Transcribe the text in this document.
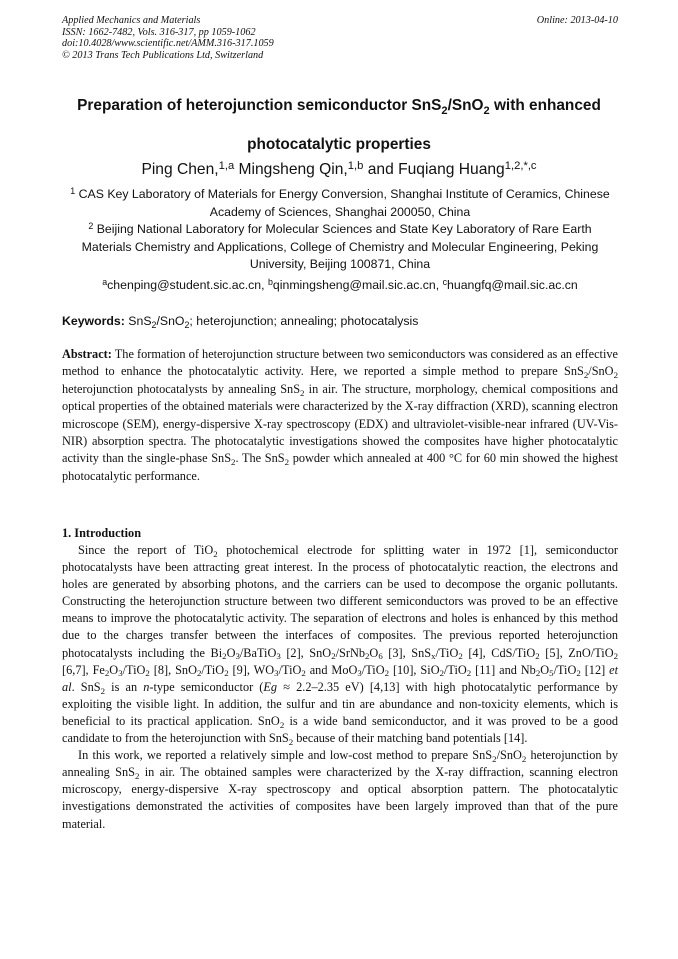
Applied Mechanics and Materials
ISSN: 1662-7482, Vols. 316-317, pp 1059-1062
doi:10.4028/www.scientific.net/AMM.316-317.1059
© 2013 Trans Tech Publications Ltd, Switzerland
Online: 2013-04-10
Preparation of heterojunction semiconductor SnS$_2$/SnO$_2$ with enhanced photocatalytic properties
Ping Chen,$^{1,a}$ Mingsheng Qin,$^{1,b}$ and Fuqiang Huang$^{1,2,*,c}$

$^1$ CAS Key Laboratory of Materials for Energy Conversion, Shanghai Institute of Ceramics, Chinese Academy of Sciences, Shanghai 200050, China

$^2$ Beijing National Laboratory for Molecular Sciences and State Key Laboratory of Rare Earth Materials Chemistry and Applications, College of Chemistry and Molecular Engineering, Peking University, Beijing 100871, China

$^a$chenping@student.sic.ac.cn, $^b$qinmingsheng@mail.sic.ac.cn, $^c$huangfq@mail.sic.ac.cn
Keywords: SnS$_2$/SnO$_2$; heterojunction; annealing; photocatalysis

Abstract: The formation of heterojunction structure between two semiconductors was considered as an effective method to enhance the photocatalytic activity. Here, we reported a simple method to prepare SnS$_2$/SnO$_2$ heterojunction photocatalysts by annealing SnS$_2$ in air. The structure, morphology, chemical compositions and optical properties of the obtained materials were characterized by the X-ray diffraction (XRD), scanning electron microscope (SEM), energy-dispersive X-ray spectroscopy (EDX) and ultraviolet-visible-near infrared (UV-Vis-NIR) absorption spectra. The photocatalytic investigations showed the composites have higher photocatalytic activity than the single-phase SnS$_2$. The SnS$_2$ powder which annealed at 400 °C for 60 min showed the highest photocatalytic performance.

1. Introduction

Since the report of TiO$_2$ photochemical electrode for splitting water in 1972 [1], semiconductor photocatalysts have been attracting great interest. In the process of photocatalytic reaction, the electrons and holes are generated by absorbing photons, and the carriers can be used to decompose the organic pollutants. Constructing the heterojunction structure between two different semiconductors was proved to be an effective means to improve the photocatalytic activity. The separation of electrons and holes is enhanced by this method due to the charges transfer between the interfaces of composites. The previous reported heterojunction photocatalysts including the $Bi_2O_3/BaTiO_3$ [2], $SnO_2/SrNb_2O_6$ [3], SnS$_x$/TiO$_2$ [4], CdS/TiO$_2$ [5], ZnO/TiO$_2$ [6,7], $Fe_2O_3/TiO_2$ [8], SnO$_2$/TiO$_2$ [9], $WO_3/TiO_2$ and MoO$_3$/TiO$_2$ [10], SiO$_2$/TiO$_2$ [11] and $Nb_2O_5/TiO_2$ [12] et al. SnS$_2$ is an n-type semiconductor (Eg ≈ 2.2–2.35 eV) [4,13] with high photocatalytic performance by exploiting the visible light. In addition, the sulfur and tin are abundance and non-toxicity elements, which is beneficial to its practical application. SnO$_2$ is a wide band semiconductor, and it was proved to be a good candidate to from the heterojunction with SnS$_2$ because of their matching band potentials [14].

In this work, we reported a relatively simple and low-cost method to prepare SnS$_2$/SnO$_2$ heterojunction by annealing SnS$_2$ in air. The obtained samples were characterized by the X-ray diffraction, scanning electron microscopy, energy-dispersive X-ray spectroscopy and optical absorption pattern. The photocatalytic investigations demonstrated the activities of composites have been largely improved than that of the pure material.
